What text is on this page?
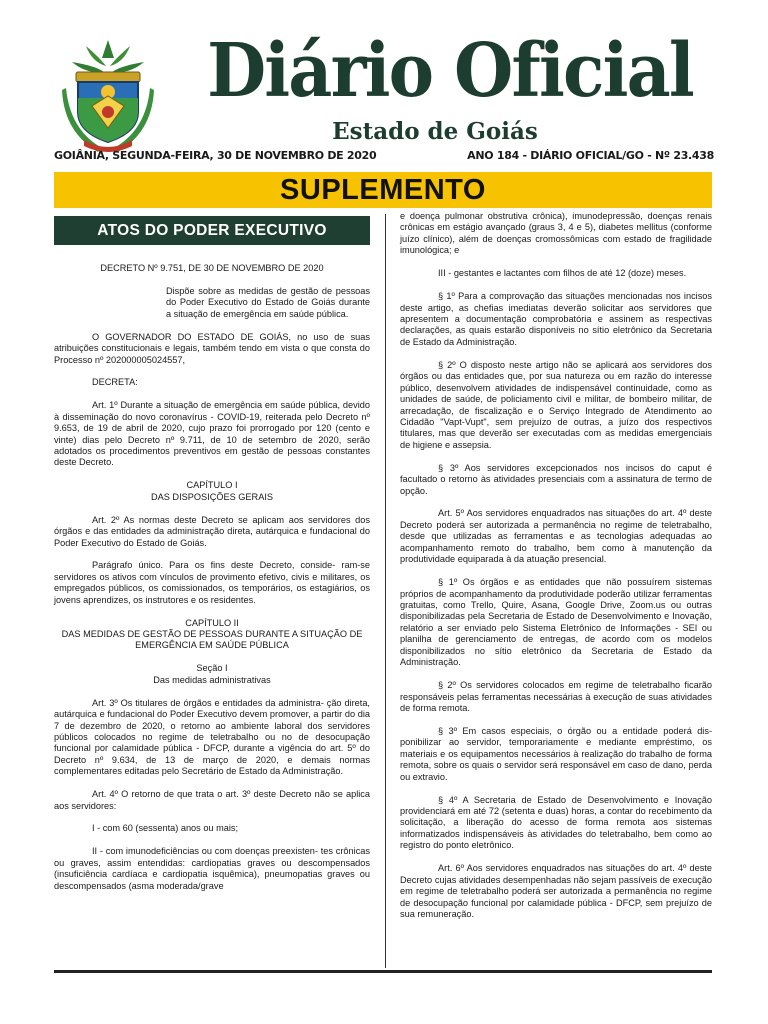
Diário Oficial
Estado de Goiás
GOIÂNIA, SEGUNDA-FEIRA, 30 DE NOVEMBRO DE 2020	ANO 184 - DIÁRIO OFICIAL/GO - Nº 23.438
SUPLEMENTO
ATOS DO PODER EXECUTIVO

DECRETO Nº 9.751, DE 30 DE NOVEMBRO DE 2020

Dispõe sobre as medidas de gestão de pessoas do Poder Executivo do Estado de Goiás durante a situação de emergência em saúde pública.

O GOVERNADOR DO ESTADO DE GOIÁS, no uso de suas atribuições constitucionais e legais, também tendo em vista o que consta do Processo nº 202000005024557,

DECRETA:

Art. 1º Durante a situação de emergência em saúde pública, devido à disseminação do novo coronavírus - COVID-19, reiterada pelo Decreto nº 9.653, de 19 de abril de 2020, cujo prazo foi prorrogado por 120 (cento e vinte) dias pelo Decreto nº 9.711, de 10 de setembro de 2020, serão adotados os procedimentos preventivos em gestão de pessoas constantes deste Decreto.

CAPÍTULO I

DAS DISPOSIÇÕES GERAIS

Art. 2º As normas deste Decreto se aplicam aos servidores dos órgãos e das entidades da administração direta, autárquica e fundacional do Poder Executivo do Estado de Goiás.

Parágrafo único. Para os fins deste Decreto, conside- ram-se servidores os ativos com vínculos de provimento efetivo, civis e militares, os empregados públicos, os comissionados, os temporários, os estagiários, os jovens aprendizes, os instrutores e os residentes.

CAPÍTULO II

DAS MEDIDAS DE GESTÃO DE PESSOAS DURANTE A SITUAÇÃO DE EMERGÊNCIA EM SAÚDE PÚBLICA

Seção I

Das medidas administrativas

Art. 3º Os titulares de órgãos e entidades da administra- ção direta, autárquica e fundacional do Poder Executivo devem promover, a partir do dia 7 de dezembro de 2020, o retorno ao ambiente laboral dos servidores públicos colocados no regime de teletrabalho ou no de desocupação funcional por calamidade pública - DFCP, durante a vigência do art. 5º do Decreto nº 9.634, de 13 de março de 2020, e demais normas complementares editadas pelo Secretário de Estado da Administração.

Art. 4º O retorno de que trata o art. 3º deste Decreto não se aplica aos servidores:

I - com 60 (sessenta) anos ou mais;

II - com imunodeficiências ou com doenças preexisten- tes crônicas ou graves, assim entendidas: cardiopatias graves ou descompensados (insuficiência cardíaca e cardiopatia isquêmica), pneumopatias graves ou descompensados (asma moderada/grave

e doença pulmonar obstrutiva crônica), imunodepressão, doenças renais crônicas em estágio avançado (graus 3, 4 e 5), diabetes mellitus (conforme juízo clínico), além de doenças cromossômicas com estado de fragilidade imunológica; e

III - gestantes e lactantes com filhos de até 12 (doze) meses.

§ 1º Para a comprovação das situações mencionadas nos incisos deste artigo, as chefias imediatas deverão solicitar aos servidores que apresentem a documentação comprobatória e assinem as respectivas declarações, as quais estarão disponíveis no sítio eletrônico da Secretaria de Estado da Administração.

§ 2º O disposto neste artigo não se aplicará aos servidores dos órgãos ou das entidades que, por sua natureza ou em razão do interesse público, desenvolvem atividades de indispensável continuidade, como as unidades de saúde, de policiamento civil e militar, de bombeiro militar, de arrecadação, de fiscalização e o Serviço Integrado de Atendimento ao Cidadão "Vapt-Vupt", sem prejuízo de outras, a juízo dos respectivos titulares, mas que deverão ser executadas com as medidas emergenciais de higiene e assepsia.

§ 3º Aos servidores excepcionados nos incisos do caput é facultado o retorno às atividades presenciais com a assinatura de termo de opção.

Art. 5º Aos servidores enquadrados nas situações do art. 4º deste Decreto poderá ser autorizada a permanência no regime de teletrabalho, desde que utilizadas as ferramentas e as tecnologias adequadas ao acompanhamento remoto do trabalho, bem como à manutenção da produtividade equiparada à da atuação presencial.

§ 1º Os órgãos e as entidades que não possuírem sistemas próprios de acompanhamento da produtividade poderão utilizar ferramentas gratuitas, como Trello, Quire, Asana, Google Drive, Zoom.us ou outras disponibilizadas pela Secretaria de Estado de Desenvolvimento e Inovação, relatório a ser enviado pelo Sistema Eletrônico de Informações - SEI ou planilha de gerenciamento de entregas, de acordo com os modelos disponibilizados no sítio eletrônico da Secretaria de Estado da Administração.

§ 2º Os servidores colocados em regime de teletrabalho ficarão responsáveis pelas ferramentas necessárias à execução de suas atividades de forma remota.

§ 3º Em casos especiais, o órgão ou a entidade poderá dis- ponibilizar ao servidor, temporariamente e mediante empréstimo, os materiais e os equipamentos necessários à realização do trabalho de forma remota, sobre os quais o servidor será responsável em caso de dano, perda ou extravio.

§ 4º A Secretaria de Estado de Desenvolvimento e Inovação providenciará em até 72 (setenta e duas) horas, a contar do recebimento da solicitação, a liberação do acesso de forma remota aos sistemas informatizados indispensáveis às atividades do teletrabalho, bem como ao registro do ponto eletrônico.

Art. 6º Aos servidores enquadrados nas situações do art. 4º deste Decreto cujas atividades desempenhadas não sejam passíveis de execução em regime de teletrabalho poderá ser autorizada a permanência no regime de desocupação funcional por calamidade pública - DFCP, sem prejuízo de sua remuneração.
